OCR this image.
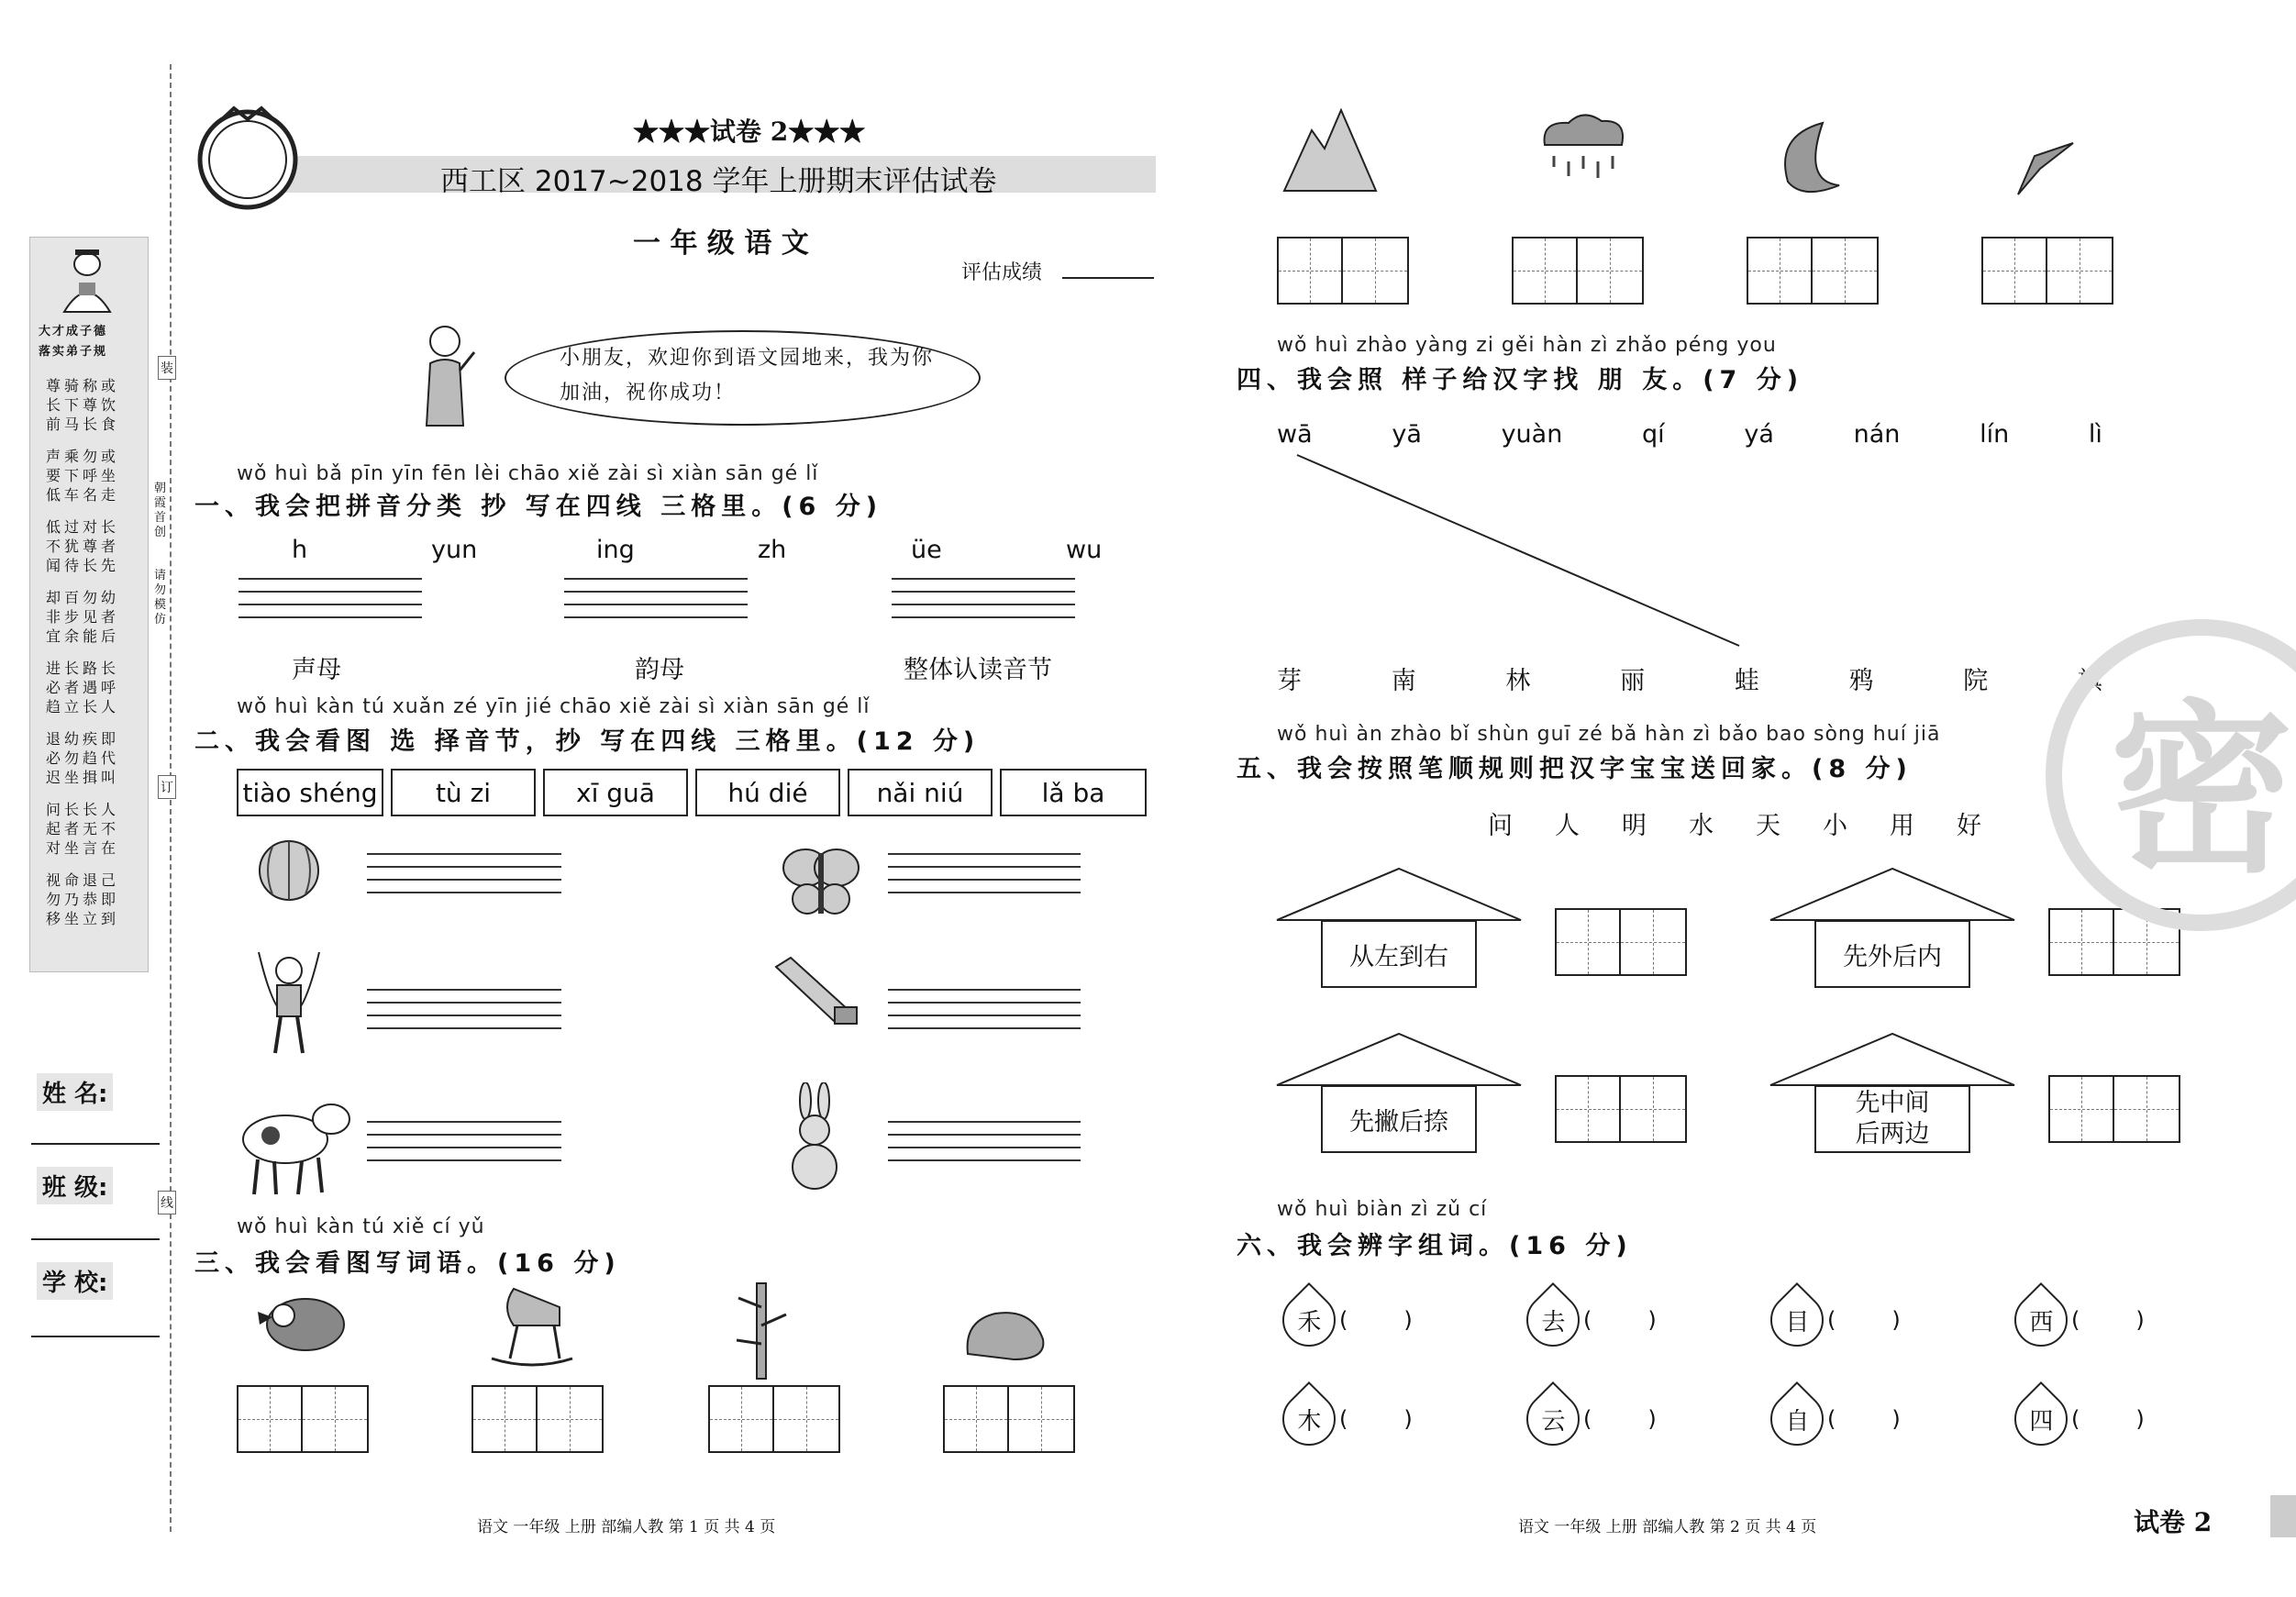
大才成子德
落实弟子规
尊骑称或
长下尊饮
前马长食
声乘勿或
要下呼坐
低车名走
低过对长
不犹尊者
闻待长先
却百勿幼
非步见者
宜余能后
进长路长
必者遇呼
趋立长人
退幼疾即
必勿趋代
迟坐揖叫
问长长人
起者无不
对坐言在
视命退己
勿乃恭即
移坐立到
姓 名:
班 级:
学 校:
装
订
线
朝霞首创
请勿模仿
★★★试卷 2★★★
西工区 2017~2018 学年上册期末评估试卷
一 年 级 语 文
评估成绩
小朋友，欢迎你到语文园地来，我为你加油，祝你成功！
wǒ huì bǎ pīn yīn fēn lèi chāo xiě zài sì xiàn sān gé lǐ
一、我会把拼音分类 抄 写在四线 三格里。(6 分)
h	yun	ing	zh	üe	wu
声母	韵母	整体认读音节
wǒ huì kàn tú xuǎn zé yīn jié chāo xiě zài sì xiàn sān gé lǐ
二、我会看图 选 择音节，抄 写在四线 三格里。(12 分)
tiào shéng	tù zi	xī guā	hú dié	nǎi niú	lǎ ba
wǒ huì kàn tú xiě cí yǔ
三、我会看图写词语。(16 分)
语文 一年级 上册 部编人教 第 1 页 共 4 页
wǒ huì zhào yàng zi gěi hàn zì zhǎo péng you
四、我会照 样子给汉字找 朋 友。(7 分)
wā	yā	yuàn	qí	yá	nán	lín	lì
芽	南	林	丽	蛙	鸦	院	旗
wǒ huì àn zhào bǐ shùn guī zé bǎ hàn zì bǎo bao sòng huí jiā
五、我会按照笔顺规则把汉字宝宝送回家。(8 分)
问 人 明 水 天 小 用 好
从左到右	先外后内
先撇后捺
先中间后两边
wǒ huì biàn zì zǔ cí
六、我会辨字组词。(16 分)
禾 (        )	去 (        )	目 (        )	西 (        )
木 (        )	云 (        )	自 (        )	四 (        )
语文 一年级 上册 部编人教 第 2 页 共 4 页	试卷 2
密
